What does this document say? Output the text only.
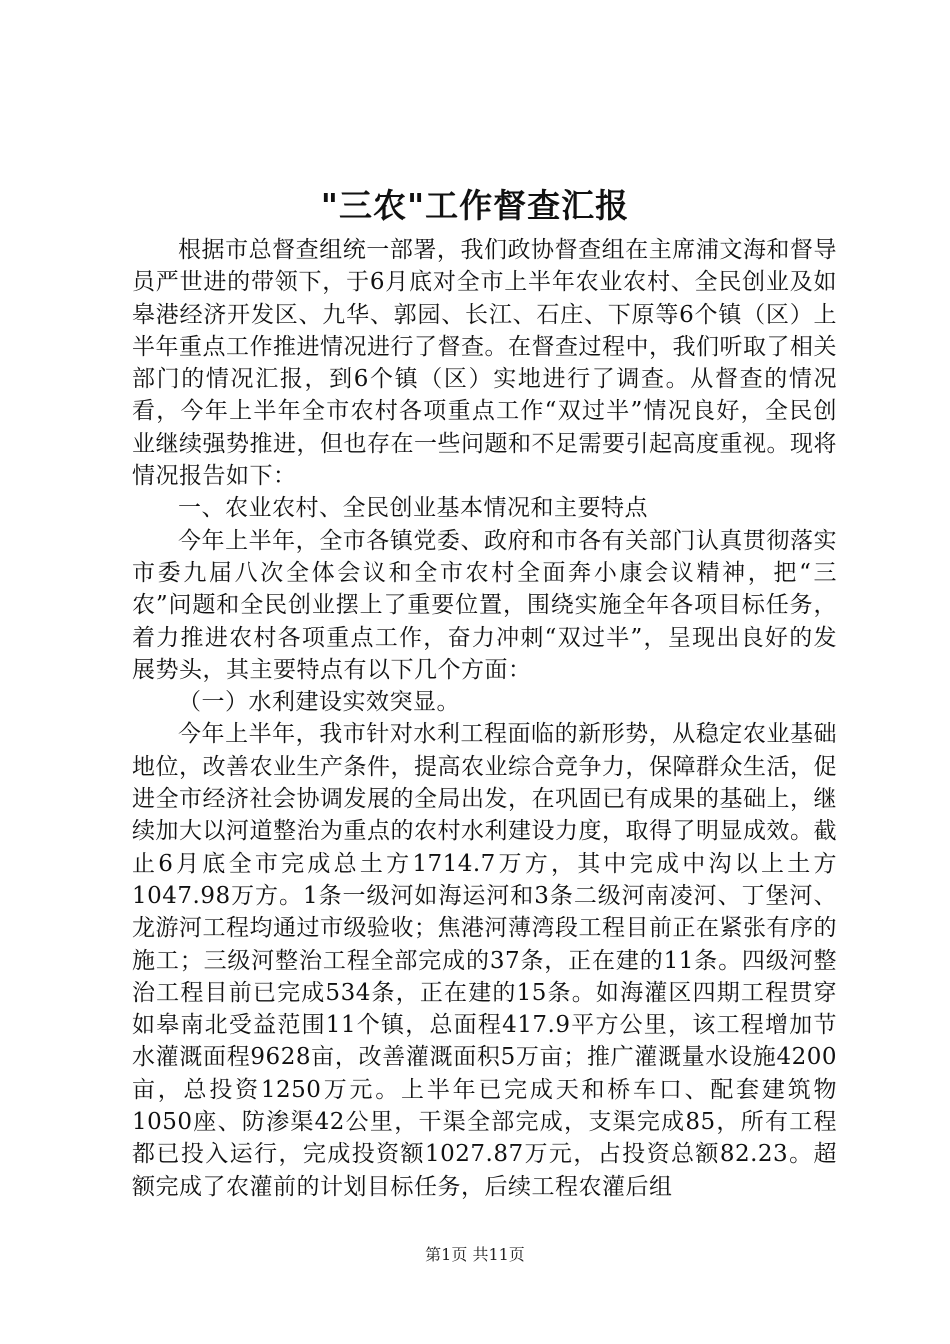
"三农"工作督查汇报

根据市总督查组统一部署，我们政协督查组在主席浦文海和督导员严世进的带领下，于6月底对全市上半年农业农村、全民创业及如皋港经济开发区、九华、郭园、长江、石庄、下原等6个镇（区）上半年重点工作推进情况进行了督查。在督查过程中，我们听取了相关部门的情况汇报，到6个镇（区）实地进行了调查。从督查的情况看，今年上半年全市农村各项重点工作“双过半”情况良好，全民创业继续强势推进，但也存在一些问题和不足需要引起高度重视。现将情况报告如下：

一、农业农村、全民创业基本情况和主要特点

今年上半年，全市各镇党委、政府和市各有关部门认真贯彻落实市委九届八次全体会议和全市农村全面奔小康会议精神，把“三农”问题和全民创业摆上了重要位置，围绕实施全年各项目标任务，着力推进农村各项重点工作，奋力冲刺“双过半”，呈现出良好的发展势头，其主要特点有以下几个方面：

（一）水利建设实效突显。

今年上半年，我市针对水利工程面临的新形势，从稳定农业基础地位，改善农业生产条件，提高农业综合竞争力，保障群众生活，促进全市经济社会协调发展的全局出发，在巩固已有成果的基础上，继续加大以河道整治为重点的农村水利建设力度，取得了明显成效。截止6月底全市完成总土方1714.7万方，其中完成中沟以上土方1047.98万方。1条一级河如海运河和3条二级河南凌河、丁堡河、龙游河工程均通过市级验收；焦港河薄湾段工程目前正在紧张有序的施工；三级河整治工程全部完成的37条，正在建的11条。四级河整治工程目前已完成534条，正在建的15条。如海灌区四期工程贯穿如皋南北受益范围11个镇，总面程417.9平方公里，该工程增加节水灌溉面程9628亩，改善灌溉面积5万亩；推广灌溉量水设施4200亩，总投资1250万元。上半年已完成天和桥车口、配套建筑物1050座、防渗渠42公里，干渠全部完成，支渠完成85，所有工程都已投入运行，完成投资额1027.87万元，占投资总额82.23。超额完成了农灌前的计划目标任务，后续工程农灌后组

第1页 共11页
